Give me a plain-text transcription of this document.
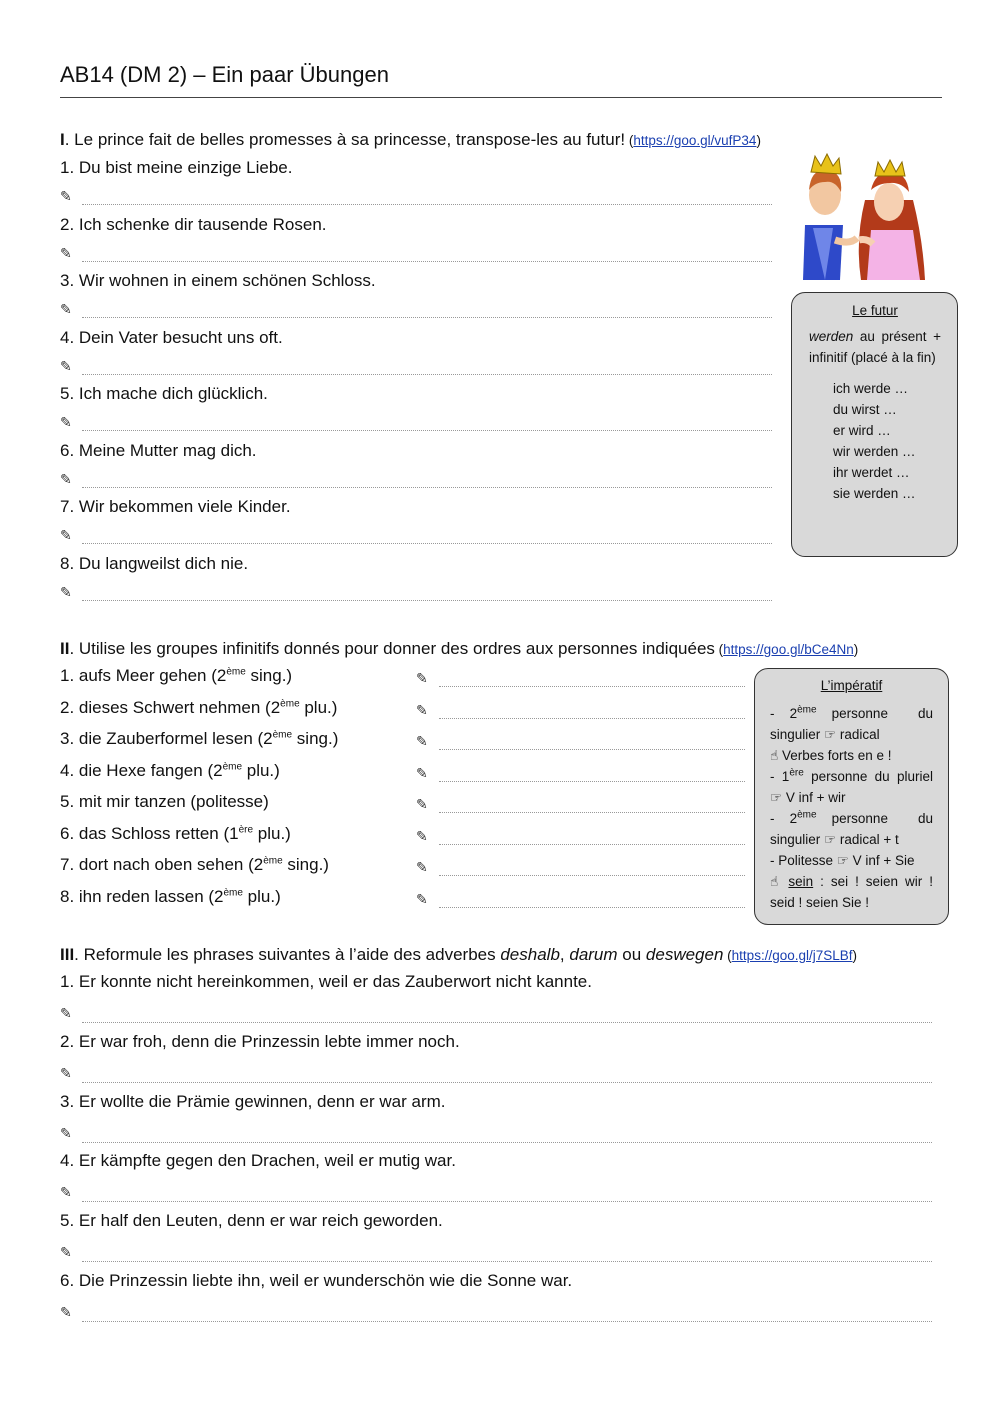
AB14 (DM 2) – Ein paar Übungen
I. Le prince fait de belles promesses à sa princesse, transpose-les au futur! (https://goo.gl/vufP34)
1. Du bist meine einzige Liebe.
✎
2. Ich schenke dir tausende Rosen.
✎
3. Wir wohnen in einem schönen Schloss.
✎
4. Dein Vater besucht uns oft.
✎
5. Ich mache dich glücklich.
✎
6. Meine Mutter mag dich.
✎
7. Wir bekommen viele Kinder.
✎
8. Du langweilst dich nie.
✎
Le futur
werden au présent + infinitif (placé à la fin)
ich werde …
du wirst …
er wird …
wir werden …
ihr werdet …
sie werden …
II. Utilise les groupes infinitifs donnés pour donner des ordres aux personnes indiquées (https://goo.gl/bCe4Nn)
1. aufs Meer gehen (2ème sing.)	✎
2. dieses Schwert nehmen (2ème plu.)	✎
3. die Zauberformel lesen (2ème sing.)	✎
4. die Hexe fangen (2ème plu.)	✎
5. mit mir tanzen (politesse)	✎
6. das Schloss retten (1ère plu.)	✎
7. dort nach oben sehen (2ème sing.)	✎
8. ihn reden lassen (2ème plu.)	✎
L’impératif
- 2ème personne        du
singulier ☞ radical
☝ Verbes forts en e !
- 1ère personne du pluriel ☞ V inf + wir
- 2ème personne        du
singulier ☞ radical + t
- Politesse ☞ V inf + Sie
☝ sein : sei ! seien wir ! seid ! seien Sie !
III. Reformule les phrases suivantes à l’aide des adverbes deshalb, darum ou deswegen (https://goo.gl/j7SLBf)
1. Er konnte nicht hereinkommen, weil er das Zauberwort nicht kannte.
✎
2. Er war froh, denn die Prinzessin lebte immer noch.
✎
3. Er wollte die Prämie gewinnen, denn er war arm.
✎
4. Er kämpfte gegen den Drachen, weil er mutig war.
✎
5. Er half den Leuten, denn er war reich geworden.
✎
6. Die Prinzessin liebte ihn, weil er wunderschön wie die Sonne war.
✎
